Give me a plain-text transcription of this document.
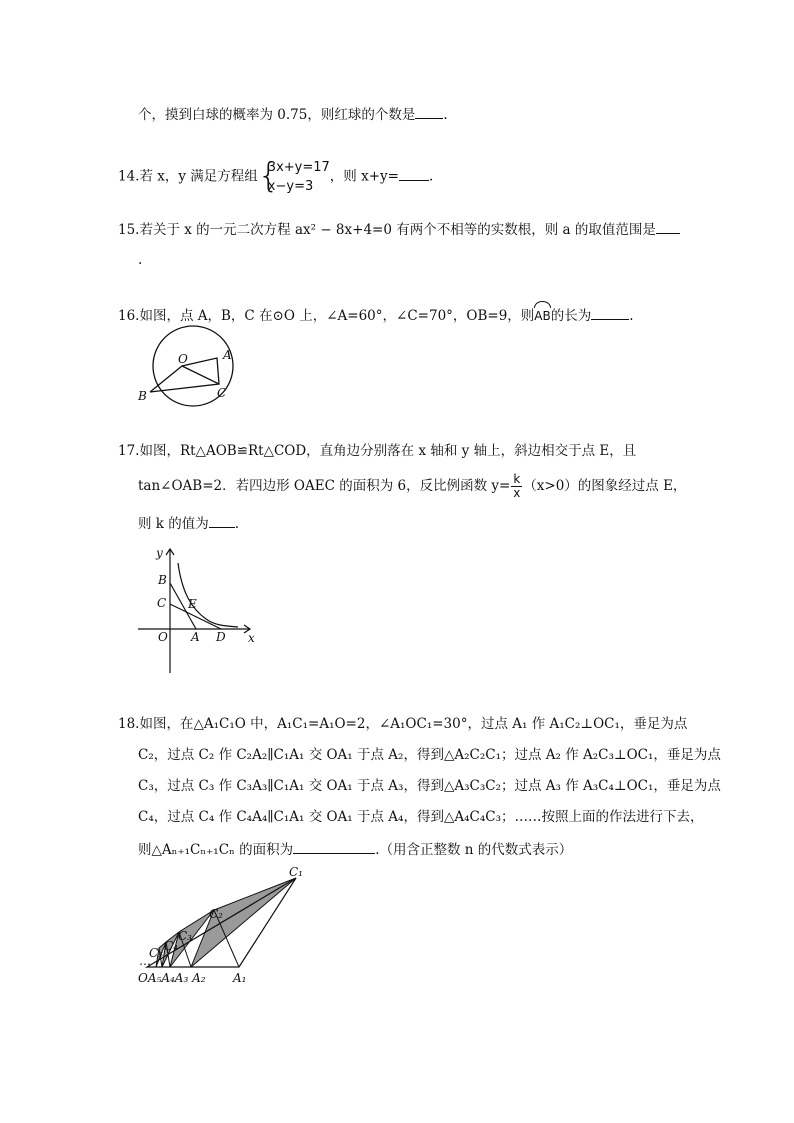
个，摸到白球的概率为 0.75，则红球的个数是 .
14.若 x，y 满足方程组 {
3x+y=17
x−y=3
，则 x+y= .
15.若关于 x 的一元二次方程 ax² − 8x+4=0 有两个不相等的实数根，则 a 的取值范围是
.
16.如图，点 A，B，C 在⊙O 上，∠A=60°，∠C=70°，OB=9，则AB的长为	.
O	A
B	C
17.如图，Rt△AOB≌Rt△COD，直角边分别落在 x 轴和 y 轴上，斜边相交于点 E，且
tan∠OAB=2．若四边形 OAEC 的面积为 6，反比例函数 $y= \frac{k}{x} (x>0)$的图象经过点 E，
则 k 的值为 .
y
x
B
C E
O A D
18.如图，在△A₁C₁O 中，A₁C₁=A₁O=2，∠A₁OC₁=30°，过点 A₁ 作 A₁C₂⊥OC₁，垂足为点
C₂，过点 C₂ 作 C₂A₂∥C₁A₁ 交 OA₁ 于点 A₂，得到△A₂C₂C₁；过点 A₂ 作 A₂C₃⊥OC₁，垂足为点
C₃，过点 C₃ 作 C₃A₃∥C₁A₁ 交 OA₁ 于点 A₃，得到△A₃C₃C₂；过点 A₃ 作 A₃C₄⊥OC₁，垂足为点
C₄，过点 C₄ 作 C₄A₄∥C₁A₁ 交 OA₁ 于点 A₄，得到△A₄C₄C₃；……按照上面的作法进行下去，
则△Aₙ₊₁Cₙ₊₁Cₙ 的面积为	.（用含正整数 n 的代数式表示）
C₁
C₂
C₃
C₄
C₅
…
OA₅A₄A₃ A₂ A₁
